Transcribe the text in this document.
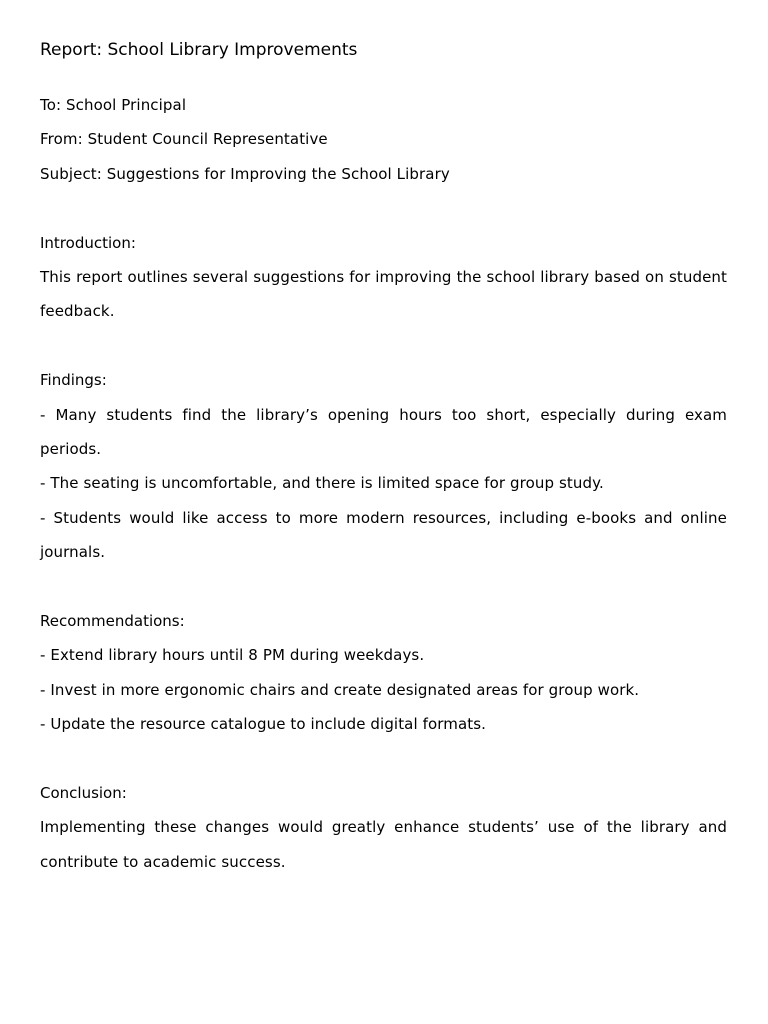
Report: School Library Improvements

To: School Principal

From: Student Council Representative

Subject: Suggestions for Improving the School Library

Introduction:

This report outlines several suggestions for improving the school library based on student feedback.

Findings:

- Many students find the library’s opening hours too short, especially during exam periods.
- The seating is uncomfortable, and there is limited space for group study.
- Students would like access to more modern resources, including e-books and online journals.

Recommendations:

- Extend library hours until 8 PM during weekdays.
- Invest in more ergonomic chairs and create designated areas for group work.
- Update the resource catalogue to include digital formats.

Conclusion:

Implementing these changes would greatly enhance students’ use of the library and contribute to academic success.
